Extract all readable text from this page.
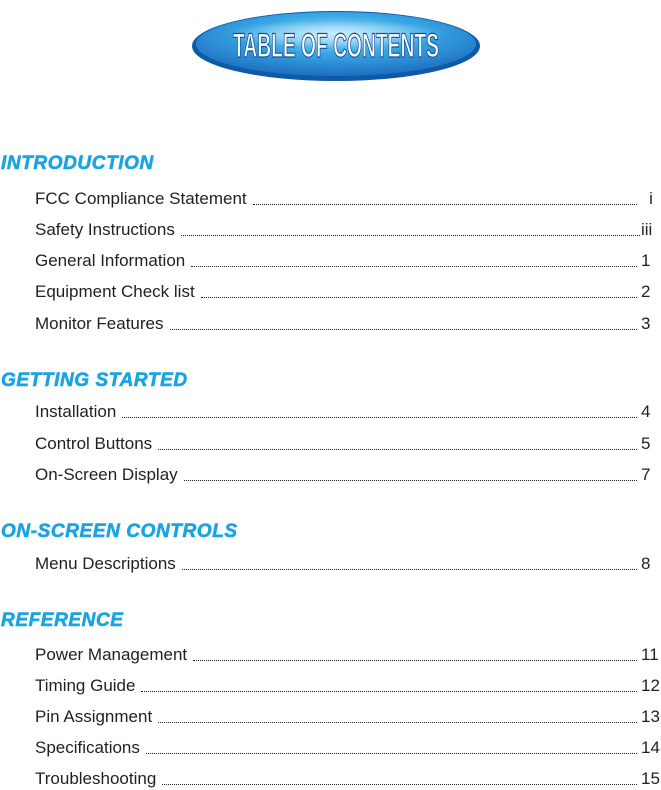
TABLE OF CONTENTS
INTRODUCTION
FCC Compliance Statement	i
Safety Instructions	iii
General Information	1
Equipment Check list	2
Monitor Features	3
GETTING STARTED
Installation	4
Control Buttons	5
On-Screen Display	7
ON-SCREEN CONTROLS
Menu Descriptions	8
REFERENCE
Power Management	11
Timing Guide	12
Pin Assignment	13
Specifications	14
Troubleshooting	15
